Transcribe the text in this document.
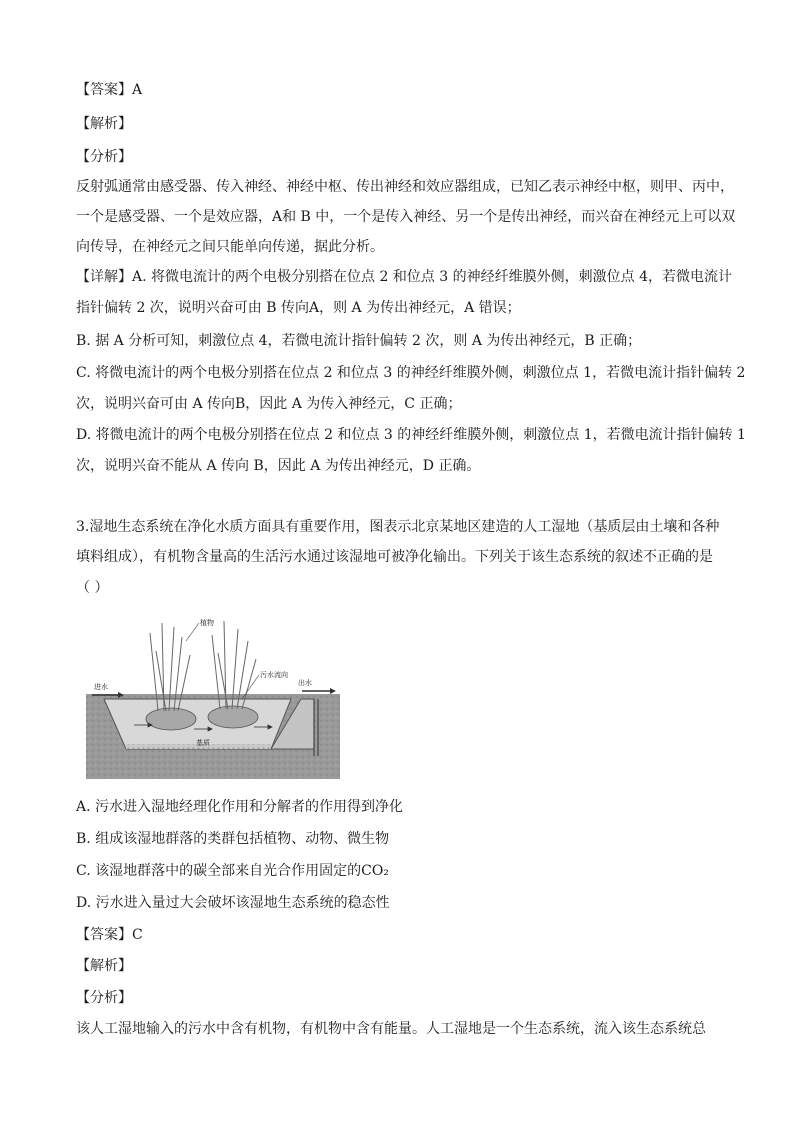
【答案】A
【解析】
【分析】
反射弧通常由感受器、传入神经、神经中枢、传出神经和效应器组成，已知乙表示神经中枢，则甲、丙中，
一个是感受器、一个是效应器，A和 B 中，一个是传入神经、另一个是传出神经，而兴奋在神经元上可以双
向传导，在神经元之间只能单向传递，据此分析。
【详解】A. 将微电流计的两个电极分别搭在位点 2 和位点 3 的神经纤维膜外侧，刺激位点 4，若微电流计
指针偏转 2 次，说明兴奋可由 B 传向A，则 A 为传出神经元，A 错误；
B. 据 A 分析可知，刺激位点 4，若微电流计指针偏转 2 次，则 A 为传出神经元，B 正确；
C. 将微电流计的两个电极分别搭在位点 2 和位点 3 的神经纤维膜外侧，刺激位点 1，若微电流计指针偏转 2
次，说明兴奋可由 A 传向B，因此 A 为传入神经元，C 正确；
D. 将微电流计的两个电极分别搭在位点 2 和位点 3 的神经纤维膜外侧，刺激位点 1，若微电流计指针偏转 1
次，说明兴奋不能从 A 传向 B，因此 A 为传出神经元，D 正确。
3.湿地生态系统在净化水质方面具有重要作用，图表示北京某地区建造的人工湿地（基质层由土壤和各种
填料组成），有机物含量高的生活污水通过该湿地可被净化输出。下列关于该生态系统的叙述不正确的是
（ ）
植物
污水流向
进水	出水
基质
A. 污水进入湿地经理化作用和分解者的作用得到净化
B. 组成该湿地群落的类群包括植物、动物、微生物
C. 该湿地群落中的碳全部来自光合作用固定的CO₂
D. 污水进入量过大会破坏该湿地生态系统的稳态性
【答案】C
【解析】
【分析】
该人工湿地输入的污水中含有机物，有机物中含有能量。人工湿地是一个生态系统，流入该生态系统总
